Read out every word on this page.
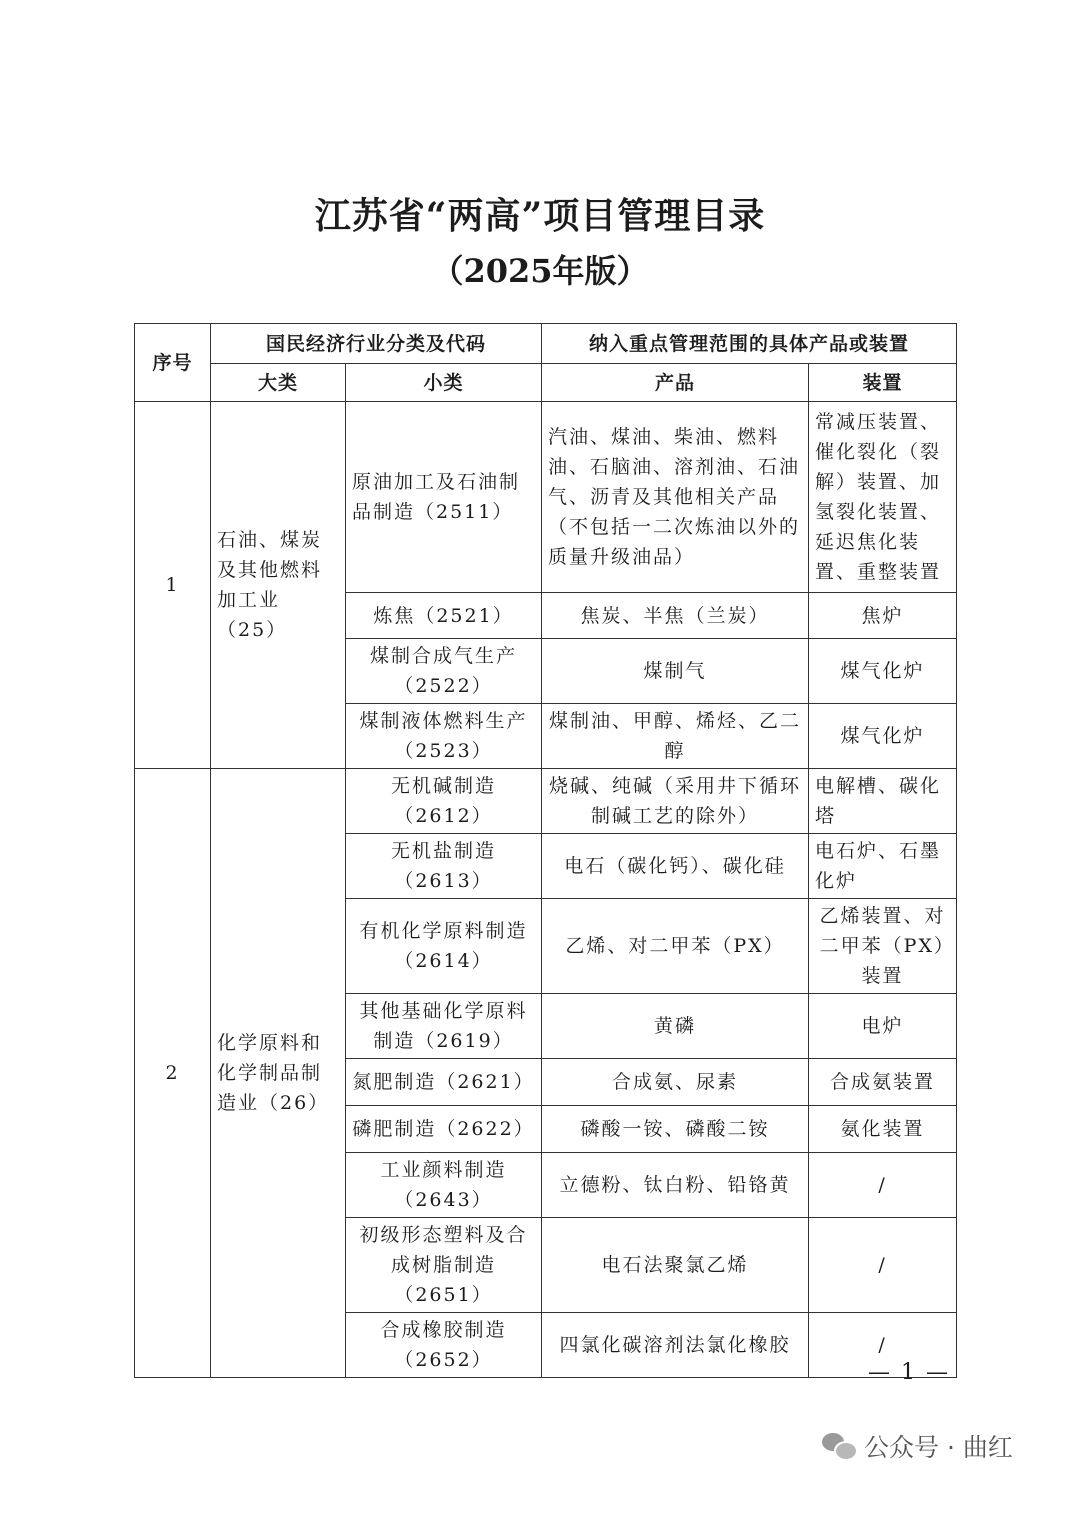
江苏省“两高”项目管理目录
（2025年版）
序号	国民经济行业分类及代码		纳入重点管理范围的具体产品或装置	
	大类	小类	产品	装置
1	石油、煤炭及其他燃料加工业（25）	原油加工及石油制品制造（2511）	汽油、煤油、柴油、燃料油、石脑油、溶剂油、石油气、沥青及其他相关产品（不包括一二次炼油以外的质量升级油品）	常减压装置、催化裂化（裂解）装置、加氢裂化装置、延迟焦化装置、重整装置
		炼焦（2521）	焦炭、半焦（兰炭）	焦炉
		煤制合成气生产（2522）	煤制气	煤气化炉
		煤制液体燃料生产（2523）	煤制油、甲醇、烯烃、乙二醇	煤气化炉
2	化学原料和化学制品制造业（26）	无机碱制造（2612）	烧碱、纯碱（采用井下循环制碱工艺的除外）	电解槽、碳化塔
		无机盐制造（2613）	电石（碳化钙）、碳化硅	电石炉、石墨化炉
		有机化学原料制造（2614）	乙烯、对二甲苯（PX）	乙烯装置、对二甲苯（PX）装置
		其他基础化学原料制造（2619）	黄磷	电炉
		氮肥制造（2621）	合成氨、尿素	合成氨装置
		磷肥制造（2622）	磷酸一铵、磷酸二铵	氨化装置
		工业颜料制造（2643）	立德粉、钛白粉、铅铬黄	/
		初级形态塑料及合成树脂制造（2651）	电石法聚氯乙烯	/
		合成橡胶制造（2652）	四氯化碳溶剂法氯化橡胶	/
— 1 —
公众号 · 曲红
